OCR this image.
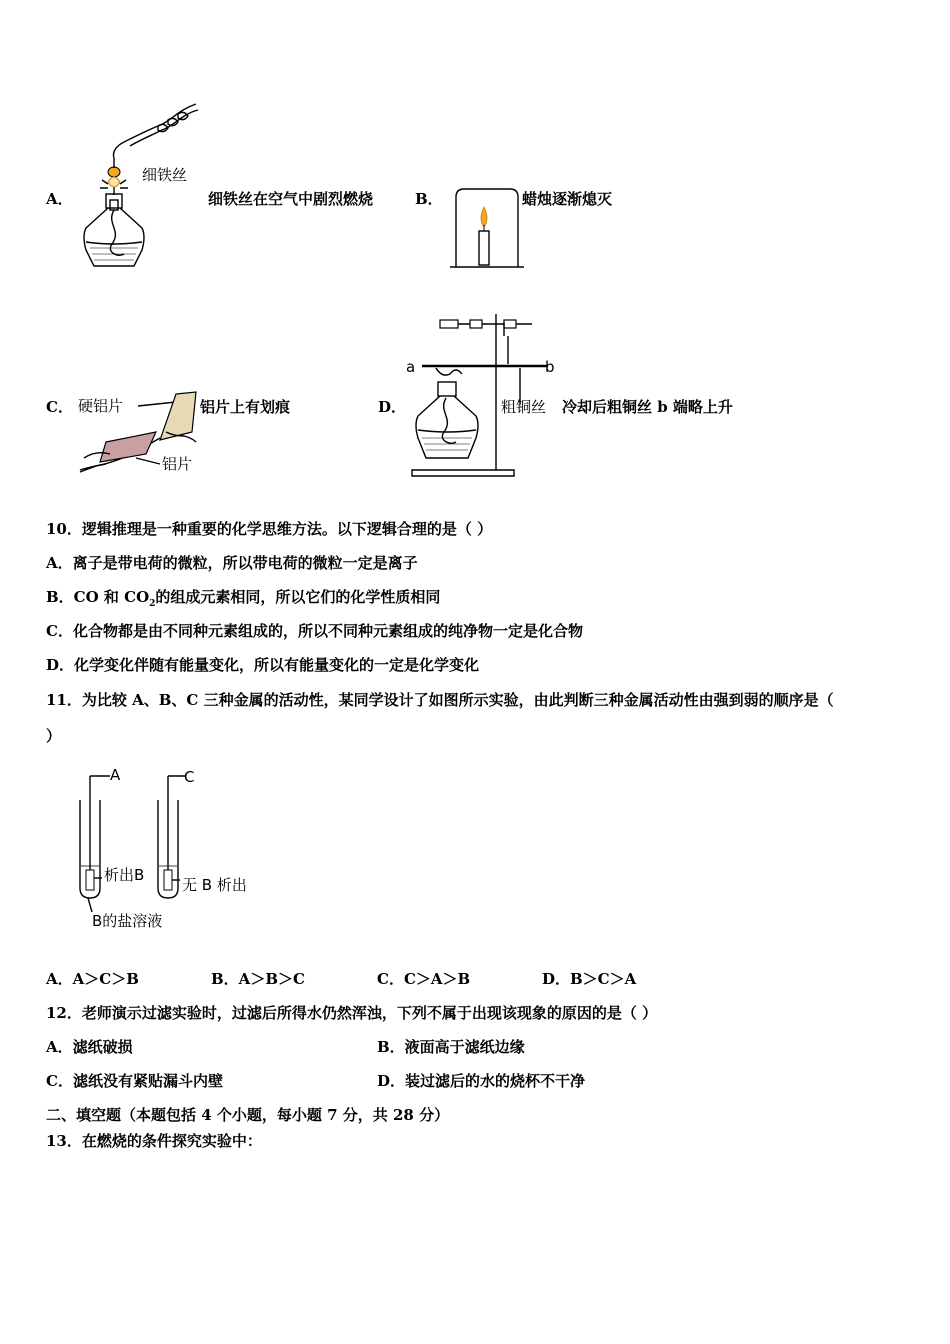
细铁丝
A．	细铁丝在空气中剧烈燃烧	B．	蜡烛逐渐熄灭
C． 硬铝片
铝片
铝片上有划痕	D．
a	b
粗铜丝 冷却后粗铜丝 b 端略上升
10．逻辑推理是一种重要的化学思维方法。以下逻辑合理的是（ ）
A．离子是带电荷的微粒，所以带电荷的微粒一定是离子
B．CO 和 $CO_2$的组成元素相同，所以它们的化学性质相同
C．化合物都是由不同种元素组成的，所以不同种元素组成的纯净物一定是化合物
D．化学变化伴随有能量变化，所以有能量变化的一定是化学变化
11．为比较 A、B、C 三种金属的活动性，某同学设计了如图所示实验，由此判断三种金属活动性由强到弱的顺序是（
）
A	C
析出B
无 B 析出
B的盐溶液
A．A＞C＞B	B．A＞B＞C	C．C＞A＞B	D．B＞C＞A
12．老师演示过滤实验时，过滤后所得水仍然浑浊，下列不属于出现该现象的原因的是（ ）
A．滤纸破损	B．液面高于滤纸边缘
C．滤纸没有紧贴漏斗内壁	D．装过滤后的水的烧杯不干净
二、填空题（本题包括 4 个小题，每小题 7 分，共 28 分）
13．在燃烧的条件探究实验中：
